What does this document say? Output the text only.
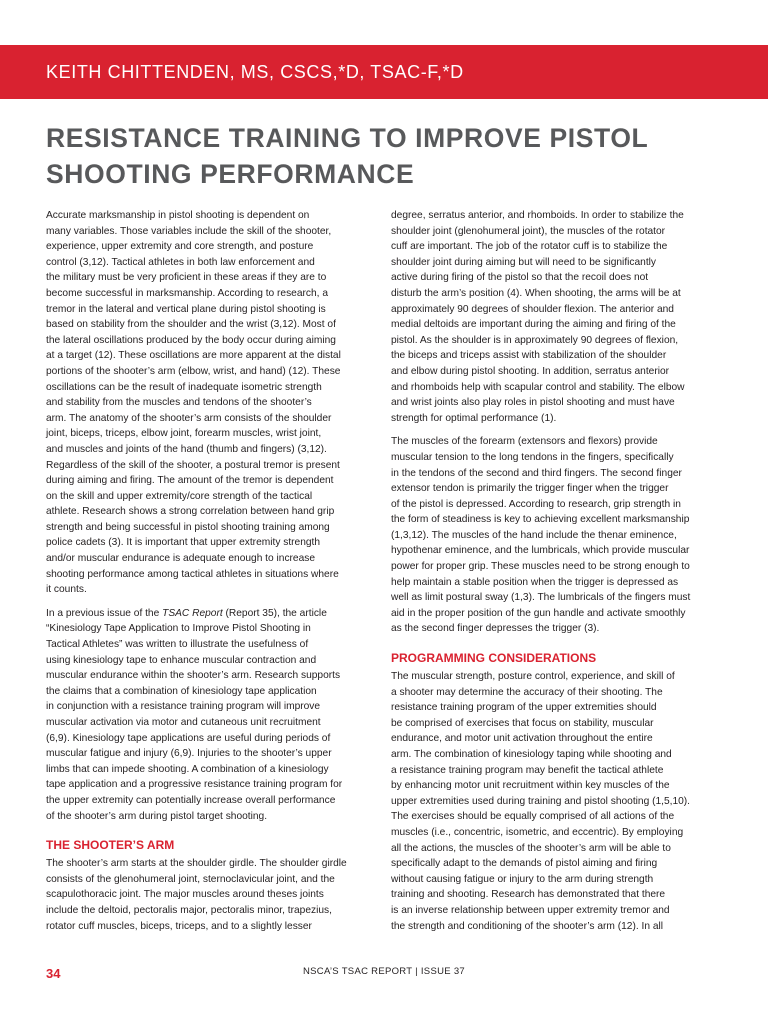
KEITH CHITTENDEN, MS, CSCS,*D, TSAC-F,*D
RESISTANCE TRAINING TO IMPROVE PISTOL
SHOOTING PERFORMANCE

Accurate marksmanship in pistol shooting is dependent on
many variables. Those variables include the skill of the shooter,
experience, upper extremity and core strength, and posture
control (3,12). Tactical athletes in both law enforcement and
the military must be very proficient in these areas if they are to
become successful in marksmanship. According to research, a
tremor in the lateral and vertical plane during pistol shooting is
based on stability from the shoulder and the wrist (3,12). Most of
the lateral oscillations produced by the body occur during aiming
at a target (12). These oscillations are more apparent at the distal
portions of the shooter’s arm (elbow, wrist, and hand) (12). These
oscillations can be the result of inadequate isometric strength
and stability from the muscles and tendons of the shooter’s
arm. The anatomy of the shooter’s arm consists of the shoulder
joint, biceps, triceps, elbow joint, forearm muscles, wrist joint,
and muscles and joints of the hand (thumb and fingers) (3,12).
Regardless of the skill of the shooter, a postural tremor is present
during aiming and firing. The amount of the tremor is dependent
on the skill and upper extremity/core strength of the tactical
athlete. Research shows a strong correlation between hand grip
strength and being successful in pistol shooting training among
police cadets (3). It is important that upper extremity strength
and/or muscular endurance is adequate enough to increase
shooting performance among tactical athletes in situations where
it counts.

In a previous issue of the TSAC Report (Report 35), the article
“Kinesiology Tape Application to Improve Pistol Shooting in
Tactical Athletes” was written to illustrate the usefulness of
using kinesiology tape to enhance muscular contraction and
muscular endurance within the shooter’s arm. Research supports
the claims that a combination of kinesiology tape application
in conjunction with a resistance training program will improve
muscular activation via motor and cutaneous unit recruitment
(6,9). Kinesiology tape applications are useful during periods of
muscular fatigue and injury (6,9). Injuries to the shooter’s upper
limbs that can impede shooting. A combination of a kinesiology
tape application and a progressive resistance training program for
the upper extremity can potentially increase overall performance
of the shooter’s arm during pistol target shooting.

THE SHOOTER’S ARM

The shooter’s arm starts at the shoulder girdle. The shoulder girdle
consists of the glenohumeral joint, sternoclavicular joint, and the
scapulothoracic joint. The major muscles around theses joints
include the deltoid, pectoralis major, pectoralis minor, trapezius,
rotator cuff muscles, biceps, triceps, and to a slightly lesser

degree, serratus anterior, and rhomboids. In order to stabilize the
shoulder joint (glenohumeral joint), the muscles of the rotator
cuff are important. The job of the rotator cuff is to stabilize the
shoulder joint during aiming but will need to be significantly
active during firing of the pistol so that the recoil does not
disturb the arm’s position (4). When shooting, the arms will be at
approximately 90 degrees of shoulder flexion. The anterior and
medial deltoids are important during the aiming and firing of the
pistol. As the shoulder is in approximately 90 degrees of flexion,
the biceps and triceps assist with stabilization of the shoulder
and elbow during pistol shooting. In addition, serratus anterior
and rhomboids help with scapular control and stability. The elbow
and wrist joints also play roles in pistol shooting and must have
strength for optimal performance (1).

The muscles of the forearm (extensors and flexors) provide
muscular tension to the long tendons in the fingers, specifically
in the tendons of the second and third fingers. The second finger
extensor tendon is primarily the trigger finger when the trigger
of the pistol is depressed. According to research, grip strength in
the form of steadiness is key to achieving excellent marksmanship
(1,3,12). The muscles of the hand include the thenar eminence,
hypothenar eminence, and the lumbricals, which provide muscular
power for proper grip. These muscles need to be strong enough to
help maintain a stable position when the trigger is depressed as
well as limit postural sway (1,3). The lumbricals of the fingers must
aid in the proper position of the gun handle and activate smoothly
as the second finger depresses the trigger (3).

PROGRAMMING CONSIDERATIONS

The muscular strength, posture control, experience, and skill of
a shooter may determine the accuracy of their shooting. The
resistance training program of the upper extremities should
be comprised of exercises that focus on stability, muscular
endurance, and motor unit activation throughout the entire
arm. The combination of kinesiology taping while shooting and
a resistance training program may benefit the tactical athlete
by enhancing motor unit recruitment within key muscles of the
upper extremities used during training and pistol shooting (1,5,10).
The exercises should be equally comprised of all actions of the
muscles (i.e., concentric, isometric, and eccentric). By employing
all the actions, the muscles of the shooter’s arm will be able to
specifically adapt to the demands of pistol aiming and firing
without causing fatigue or injury to the arm during strength
training and shooting. Research has demonstrated that there
is an inverse relationship between upper extremity tremor and
the strength and conditioning of the shooter’s arm (12). In all

34	NSCA’S TSAC REPORT | ISSUE 37
